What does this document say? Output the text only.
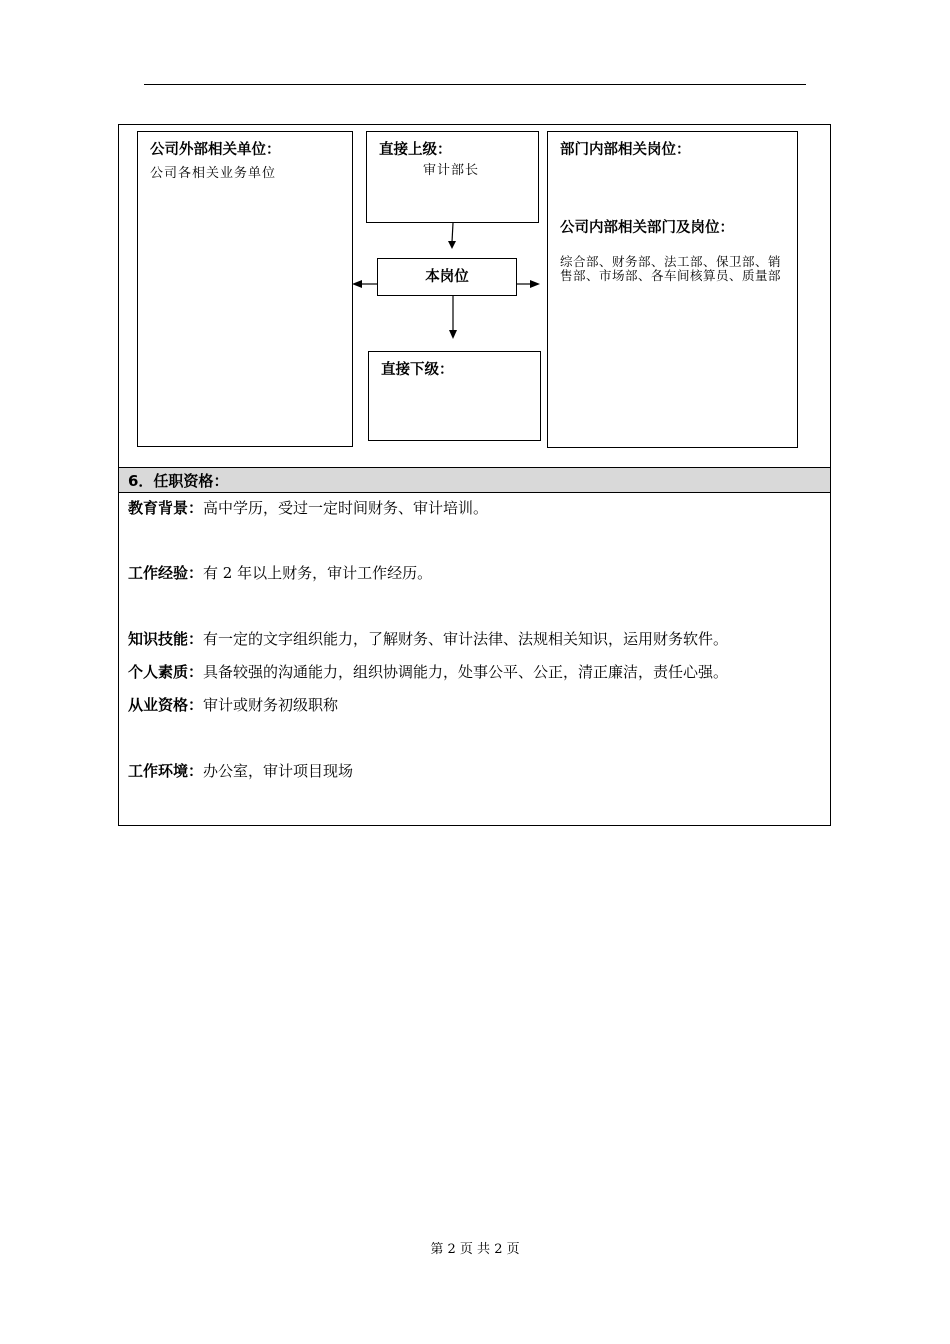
公司外部相关单位：
公司各相关业务单位
直接上级：
审计部长
本岗位
直接下级：
部门内部相关岗位：
公司内部相关部门及岗位：
综合部、财务部、法工部、保卫部、销售部、市场部、各车间核算员、质量部
6．任职资格：
教育背景：高中学历，受过一定时间财务、审计培训。
工作经验：有 2 年以上财务，审计工作经历。
知识技能：有一定的文字组织能力，了解财务、审计法律、法规相关知识，运用财务软件。
个人素质：具备较强的沟通能力，组织协调能力，处事公平、公正，清正廉洁，责任心强。
从业资格：审计或财务初级职称
工作环境：办公室，审计项目现场
第 2 页 共 2 页
